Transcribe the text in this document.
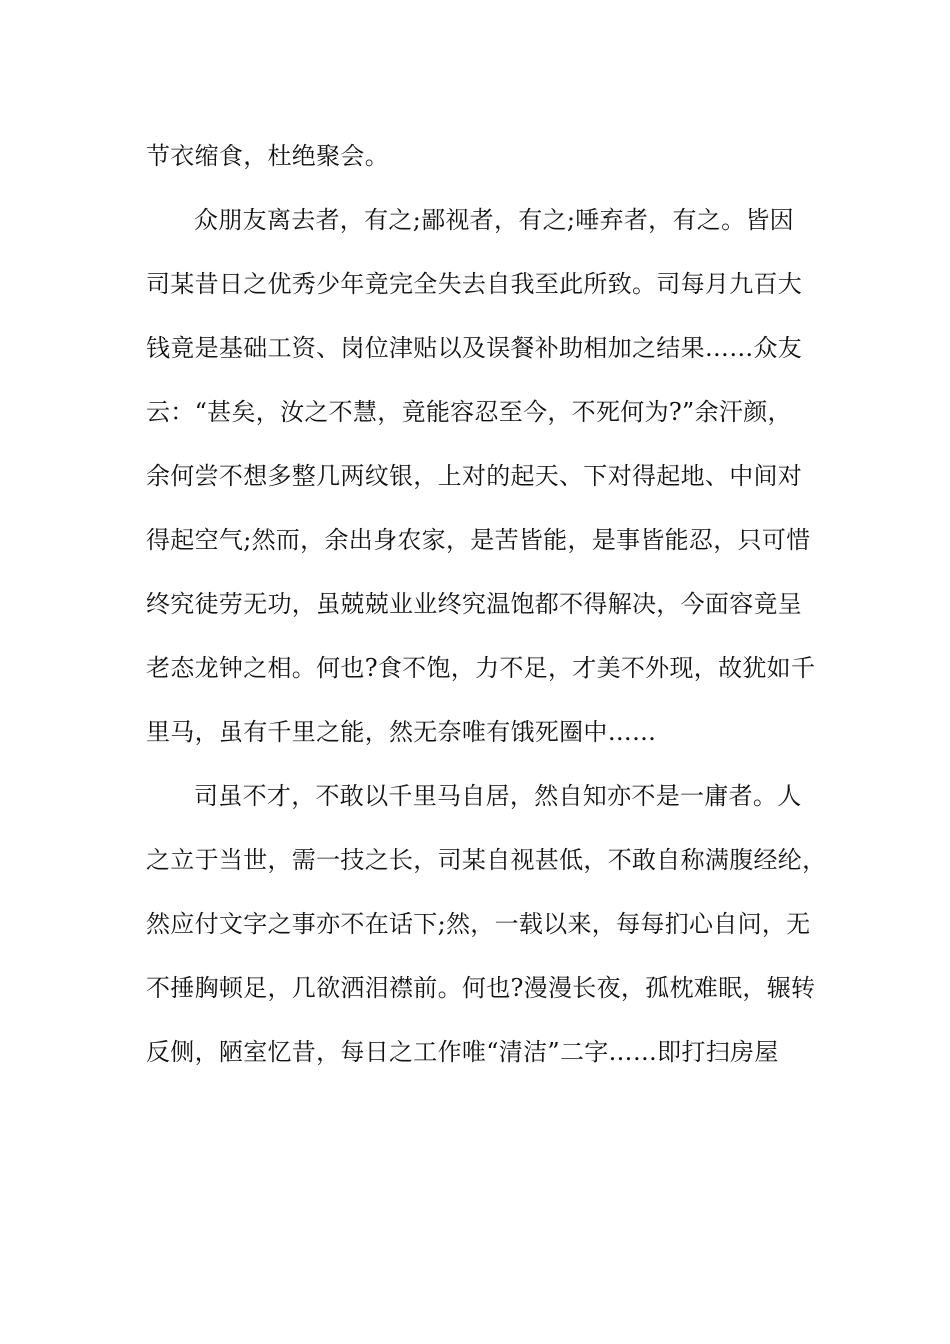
节衣缩食，杜绝聚会。
众朋友离去者，有之;鄙视者，有之;唾弃者，有之。皆因
司某昔日之优秀少年竟完全失去自我至此所致。司每月九百大
钱竟是基础工资、岗位津贴以及误餐补助相加之结果……众友
云：“甚矣，汝之不慧，竟能容忍至今，不死何为?”余汗颜，
余何尝不想多整几两纹银，上对的起天、下对得起地、中间对
得起空气;然而，余出身农家，是苦皆能，是事皆能忍，只可惜
终究徒劳无功，虽兢兢业业终究温饱都不得解决，今面容竟呈
老态龙钟之相。何也?食不饱，力不足，才美不外现，故犹如千
里马，虽有千里之能，然无奈唯有饿死圈中……
司虽不才，不敢以千里马自居，然自知亦不是一庸者。人
之立于当世，需一技之长，司某自视甚低，不敢自称满腹经纶，
然应付文字之事亦不在话下;然，一载以来，每每扪心自问，无
不捶胸顿足，几欲洒泪襟前。何也?漫漫长夜，孤枕难眠，辗转
反侧，陋室忆昔，每日之工作唯“清洁”二字……即打扫房屋
